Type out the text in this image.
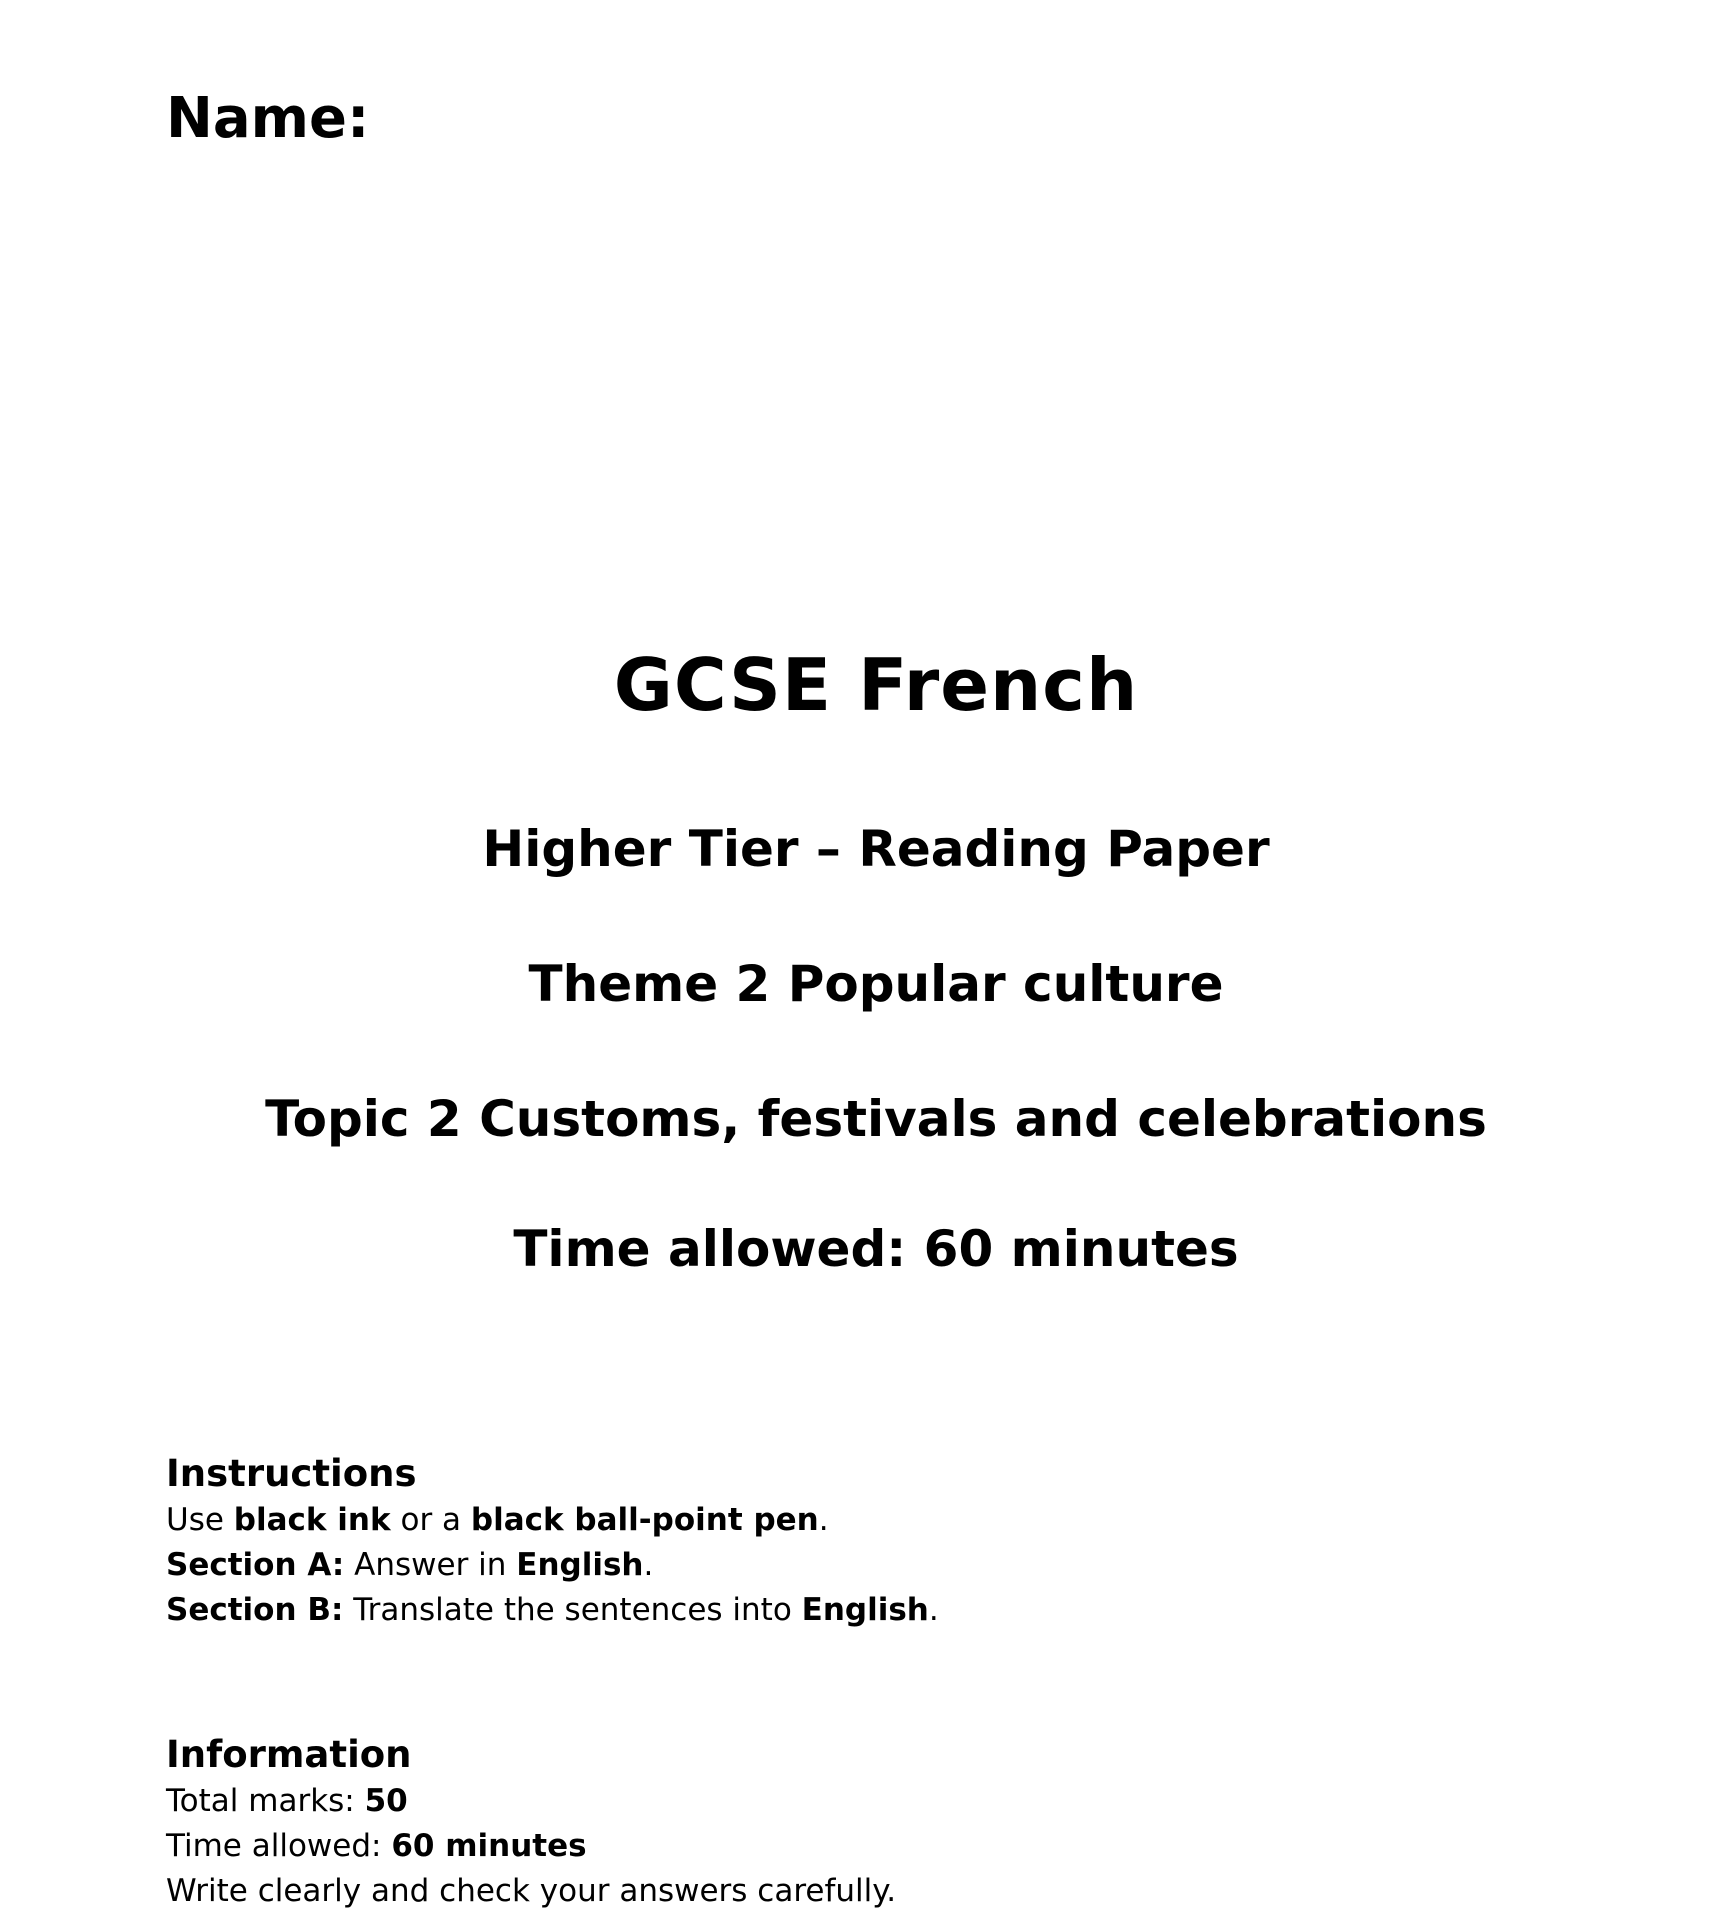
Name:
GCSE French
Higher Tier – Reading Paper
Theme 2 Popular culture
Topic 2 Customs, festivals and celebrations
Time allowed: 60 minutes
Instructions
Use black ink or a black ball-point pen.
Section A: Answer in English.
Section B: Translate the sentences into English.
Information
Total marks: 50
Time allowed: 60 minutes
Write clearly and check your answers carefully.
